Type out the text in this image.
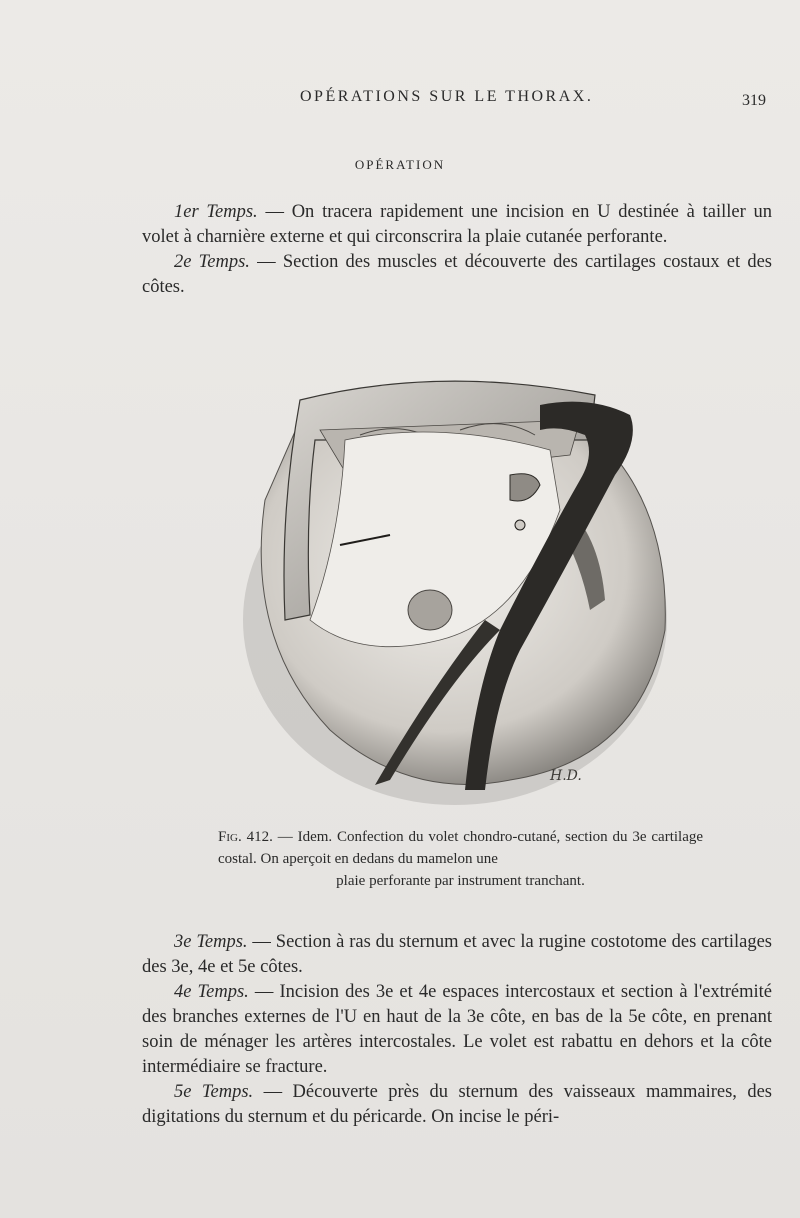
OPÉRATIONS SUR LE THORAX.	319
OPÉRATION

1er Temps. — On tracera rapidement une incision en U destinée à tailler un volet à charnière externe et qui circonscrira la plaie cutanée perforante.

2e Temps. — Section des muscles et découverte des cartilages costaux et des côtes.

H.D.
Fig. 412. — Idem. Confection du volet chondro-cutané, section du 3e cartilage costal. On aperçoit en dedans du mamelon une
plaie perforante par instrument tranchant.

3e Temps. — Section à ras du sternum et avec la rugine costotome des cartilages des 3e, 4e et 5e côtes.

4e Temps. — Incision des 3e et 4e espaces intercostaux et section à l'extrémité des branches externes de l'U en haut de la 3e côte, en bas de la 5e côte, en prenant soin de ménager les artères intercostales. Le volet est rabattu en dehors et la côte intermédiaire se fracture.

5e Temps. — Découverte près du sternum des vaisseaux mammaires, des digitations du sternum et du péricarde. On incise le péri-
